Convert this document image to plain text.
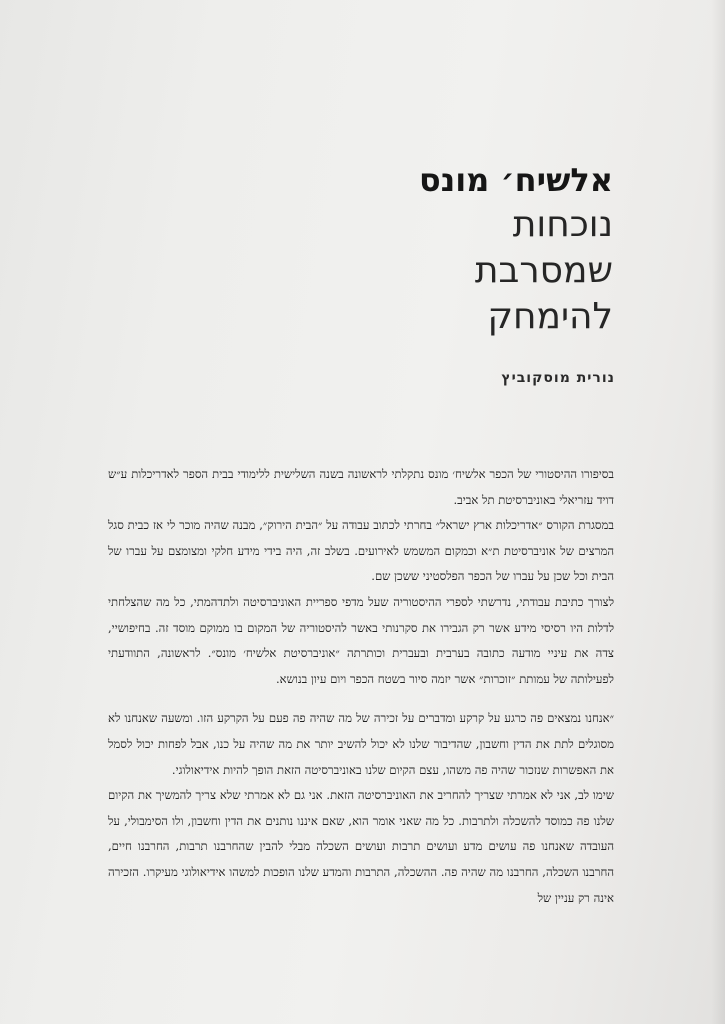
אלשיח׳ מונס
נוכחות
שמסרבת
להימחק
נורית מוסקוביץ

בסיפורו ההיסטורי של הכפר אלשיח׳ מונס נתקלתי לראשונה בשנה השלישית ללימודי בבית הספר לאדריכלות ע״ש דויד עזריאלי באוניברסיטת תל אביב.

במסגרת הקורס ״אדריכלות ארץ ישראל״ בחרתי לכתוב עבודה על ״הבית הירוק״, מבנה שהיה מוכר לי אז כבית סגל המרצים של אוניברסיטת ת״א וכמקום המשמש לאירועים. בשלב זה, היה בידי מידע חלקי ומצומצם על עברו של הבית וכל שכן על עברו של הכפר הפלסטיני ששכן שם.

לצורך כתיבת עבודתי, נדרשתי לספרי ההיסטוריה שעל מדפי ספריית האוניברסיטה ולתדהמתי, כל מה שהצלחתי לדלות היו רסיסי מידע אשר רק הגבירו את סקרנותי באשר להיסטוריה של המקום בו ממוקם מוסד זה. בחיפושיי, צדה את עיניי מודעה כתובה בערבית ובעברית וכותרתה ״אוניברסיטת אלשיח׳ מונס״. לראשונה, התוודעתי לפעילותה של עמותת ״זוכרות״ אשר יזמה סיור בשטח הכפר ויום עיון בנושא.

״אנחנו נמצאים פה כרגע על קרקע ומדברים על זכירה של מה שהיה פה פעם על הקרקע הזו. ומשעה שאנחנו לא מסוגלים לתת את הדין וחשבון, שהדיבור שלנו לא יכול להשיב יותר את מה שהיה על כנו, אבל לפחות יכול לסמל את האפשרות שנזכור שהיה פה משהו, עצם הקיום שלנו באוניברסיטה הזאת הופך להיות אידיאולוגי.

שימו לב, אני לא אמרתי שצריך להחריב את האוניברסיטה הזאת. אני גם לא אמרתי שלא צריך להמשיך את הקיום שלנו פה כמוסד להשכלה ולתרבות. כל מה שאני אומר הוא, שאם איננו נותנים את הדין וחשבון, ולו הסימבולי, על העובדה שאנחנו פה עושים מדע ועושים תרבות ועושים השכלה מבלי להבין שהחרבנו תרבות, החרבנו חיים, החרבנו השכלה, החרבנו מה שהיה פה. ההשכלה, התרבות והמדע שלנו הופכות למשהו אידיאולוגי מעיקרו. הזכירה אינה רק עניין של
